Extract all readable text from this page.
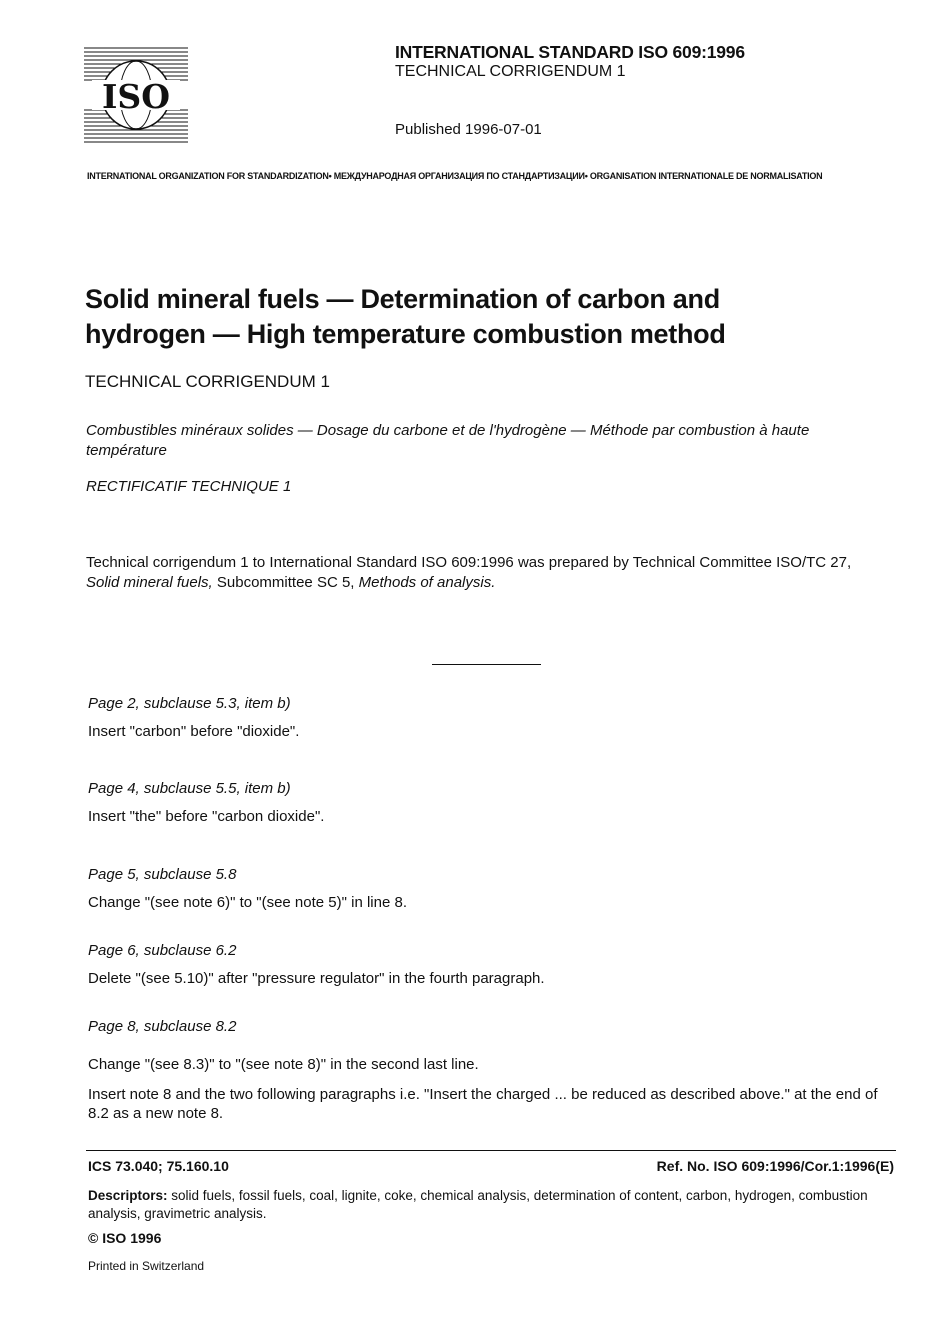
ISO
INTERNATIONAL STANDARD ISO 609:1996
TECHNICAL CORRIGENDUM 1
Published 1996-07-01
INTERNATIONAL ORGANIZATION FOR STANDARDIZATION• МЕЖДУНАРОДНАЯ ОРГАНИЗАЦИЯ ПО СТАНДАРТИЗАЦИИ• ORGANISATION INTERNATIONALE DE NORMALISATION
Solid mineral fuels — Determination of carbon and
hydrogen — High temperature combustion method
TECHNICAL CORRIGENDUM 1
Combustibles minéraux solides — Dosage du carbone et de l'hydrogène — Méthode par combustion à haute température
RECTIFICATIF TECHNIQUE 1
Technical corrigendum 1 to International Standard ISO 609:1996 was prepared by Technical Committee ISO/TC 27,
Solid mineral fuels, Subcommittee SC 5, Methods of analysis.
Page 2, subclause 5.3, item b)
Insert "carbon" before "dioxide".
Page 4, subclause 5.5, item b)
Insert "the" before "carbon dioxide".
Page 5, subclause 5.8
Change "(see note 6)" to "(see note 5)" in line 8.
Page 6, subclause 6.2
Delete "(see 5.10)" after "pressure regulator" in the fourth paragraph.
Page 8, subclause 8.2
Change "(see 8.3)" to "(see note 8)" in the second last line.
Insert note 8 and the two following paragraphs i.e. "Insert the charged ... be reduced as described above." at the end of 8.2 as a new note 8.
ICS 73.040; 75.160.10	Ref. No. ISO 609:1996/Cor.1:1996(E)
Descriptors: solid fuels, fossil fuels, coal, lignite, coke, chemical analysis, determination of content, carbon, hydrogen, combustion analysis, gravimetric analysis.
© ISO 1996
Printed in Switzerland
